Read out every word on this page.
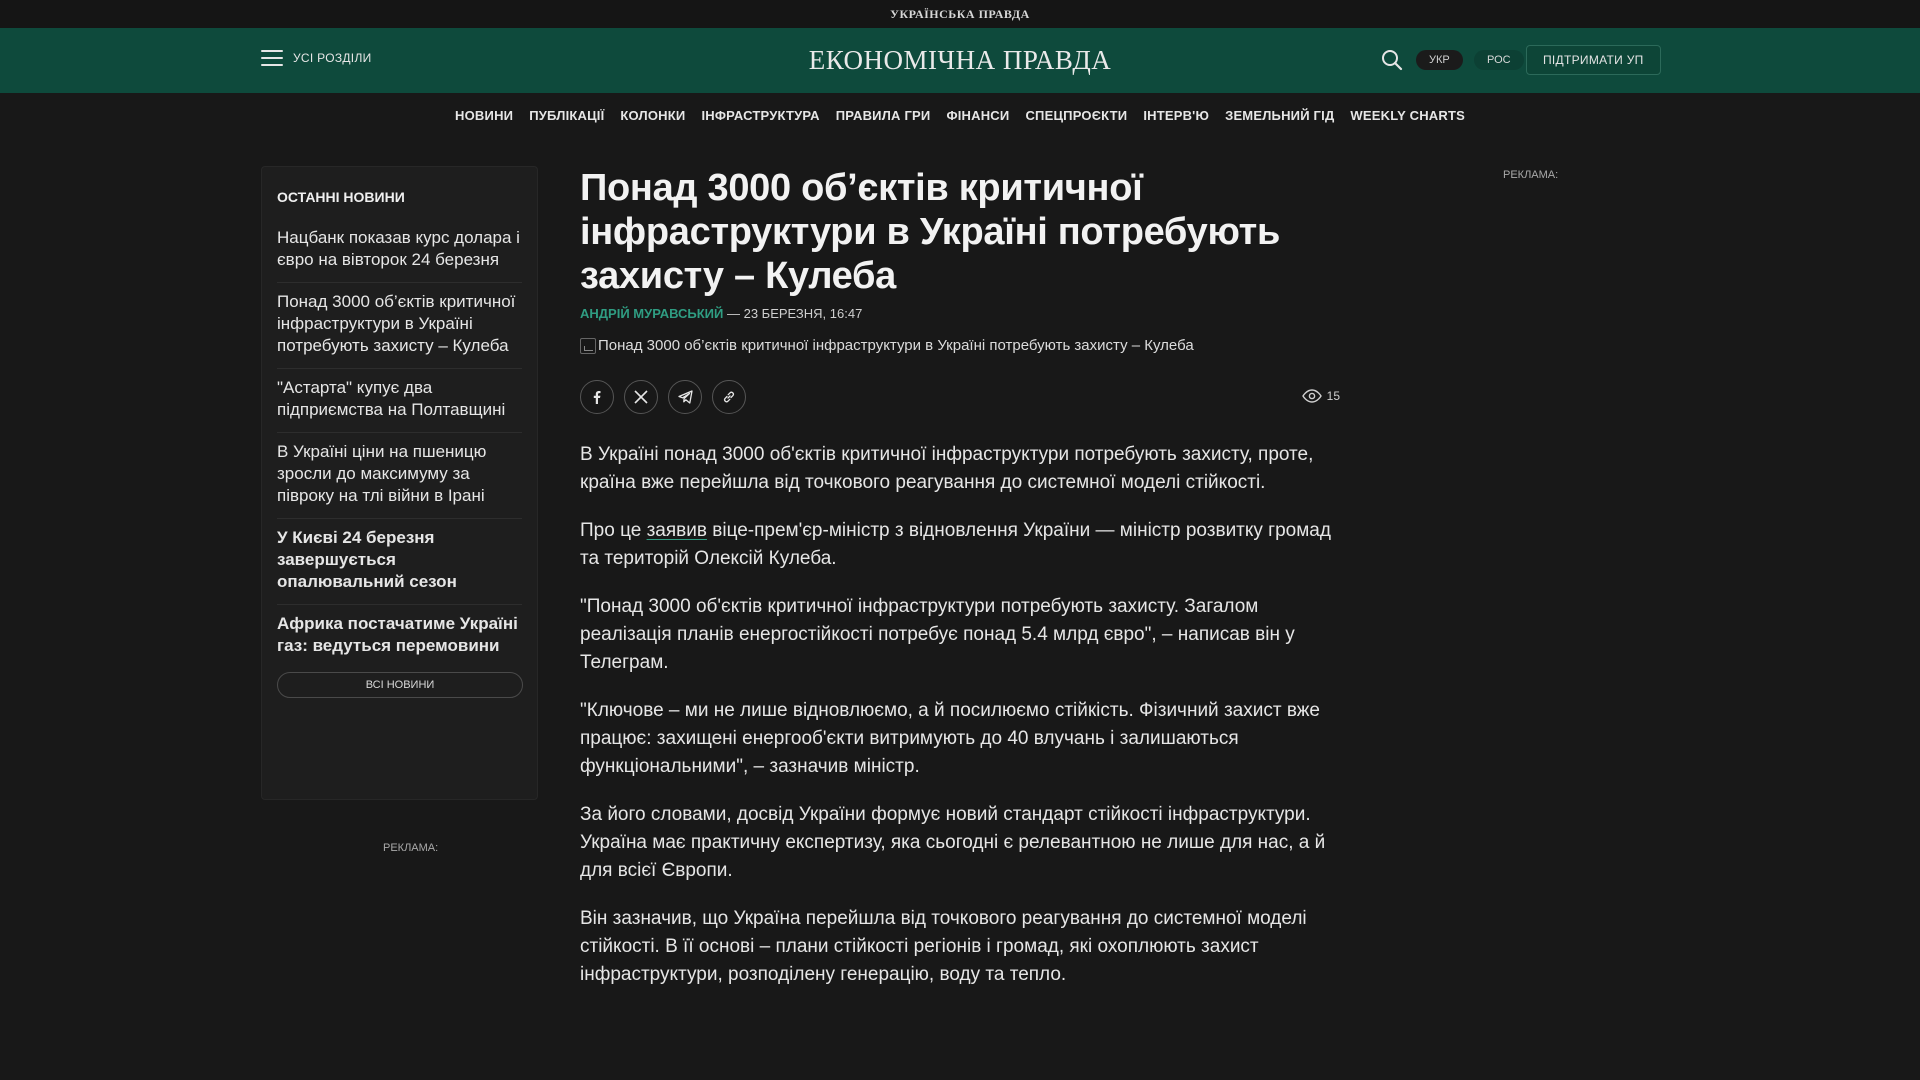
УКРАЇНСЬКА ПРАВДА
УСІ РОЗДІЛИ	ЕКОНОМІЧНА ПРАВДА	УКР	РОС	ПІДТРИМАТИ УП
НОВИНИ ПУБЛІКАЦІЇ КОЛОНКИ ІНФРАСТРУКТУРА ПРАВИЛА ГРИ ФІНАНСИ СПЕЦПРОЄКТИ ІНТЕРВ'Ю ЗЕМЕЛЬНИЙ ГІД WEEKLY CHARTS
ОСТАННІ НОВИНИ
Нацбанк показав курс долара і євро на вівторок 24 березня
Понад 3000 об’єктів критичної інфраструктури в Україні потребують захисту – Кулеба
"Астарта" купує два підприємства на Полтавщині
В Україні ціни на пшеницю зросли до максимуму за півроку на тлі війни в Ірані
У Києві 24 березня завершується опалювальний сезон
Африка постачатиме Україні газ: ведуться перемовини
ВСІ НОВИНИ
РЕКЛАМА:
Понад 3000 об’єктів критичної інфраструктури в Україні потребують захисту – Кулеба
АНДРІЙ МУРАВСЬКИЙ — 23 БЕРЕЗНЯ, 16:47
Понад 3000 об’єктів критичної інфраструктури в Україні потребують захисту – Кулеба
15

В Україні понад 3000 об'єктів критичної інфраструктури потребують захисту, проте, країна вже перейшла від точкового реагування до системної моделі стійкості.

Про це заявив віце-прем'єр-міністр з відновлення України — міністр розвитку громад та територій Олексій Кулеба.

"Понад 3000 об'єктів критичної інфраструктури потребують захисту. Загалом реалізація планів енергостійкості потребує понад 5.4 млрд євро", – написав він у Телеграм.

"Ключове – ми не лише відновлюємо, а й посилюємо стійкість. Фізичний захист вже працює: захищені енергооб'єкти витримують до 40 влучань і залишаються функціональними", – зазначив міністр.

За його словами, досвід України формує новий стандарт стійкості інфраструктури. Україна має практичну експертизу, яка сьогодні є релевантною не лише для нас, а й для всієї Європи.

Він зазначив, що Україна перейшла від точкового реагування до системної моделі стійкості. В її основі – плани стійкості регіонів і громад, які охоплюють захист інфраструктури, розподілену генерацію, воду та тепло.

РЕКЛАМА:
